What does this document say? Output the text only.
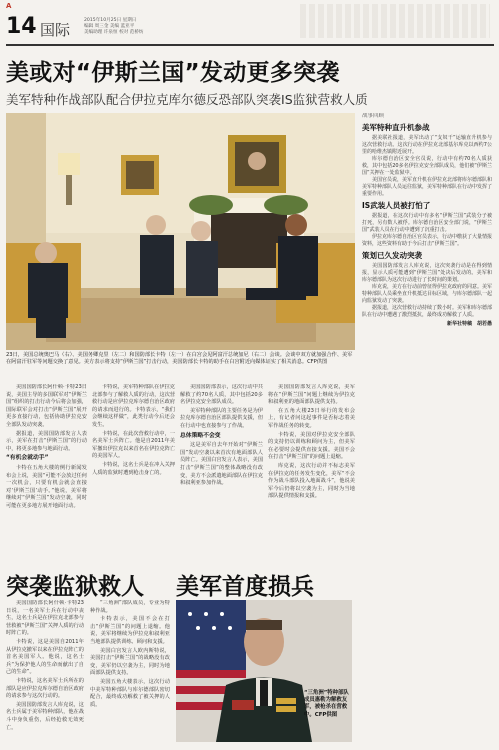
A
14 国际
2015年10月25日 星期日
编辑 周三金 美编 蓝亚平
美编助理 许泉恒 校对 范桥纺
美或对“伊斯兰国”发动更多突袭
美军特种作战部队配合伊拉克库尔德反恐部队突袭IS监狱营救人质
23日，美国总统奥巴马（右）、美国务卿克里（左二）和国防部长卡特（左一）在白宫会见阿富汗总统加尼（右二）会谈。会谈中双方就加强合作、美军在阿富汗驻军等问题交换了意见。美方表示将支持“伊斯兰国”打击行动，美国防部长卡特的助手在白宫附近向媒体证实了相关消息。CFP供图

美国国防部长阿什顿·卡特23日说，美国主导的多国联军对“伊斯兰国”组织的打击行动今后将会加强，国际联军会对打击“伊斯兰国”展开更多直接行动，包括协助伊拉克安全部队发动突袭。

据报道，美国国防部发言人表示，美军在打击“伊斯兰国”的行动中，将更多地参与地面行动。

“有机会就动手”

卡特在五角大楼的例行新闻发布会上说，美国“可能不会放过任何一次机会，只要有机会就会直接对‘伊斯兰国’动手。”他说，美军将继续对“伊斯兰国”发动空袭，同时可能在更多地方展开地面行动。

卡特说，美军特种部队在伊拉克北部参与了解救人质的行动，这次营救行动是应伊拉克库尔德自治区政府的请求而进行的。卡特表示，“我们会继续这样做”，此类行动今后还会发生。

卡特说，在此次营救行动中，一名美军士兵阵亡。他是自2011年美军撤出伊拉克以来首名在伊拉克阵亡的美国军人。

卡特说，这名士兵是在冲入关押人质的监狱时遭到枪击身亡的。

美国国防部表示，这次行动中共解救了约70名人质，其中包括20多名伊拉克安全部队成员。

美军特种部队的主要任务是为伊拉克库尔德自治区部队提供支援，但在行动中也直接参与了作战。

总体策略不会变

这是美军自去年开始对“伊斯兰国”发动空袭以来首次有地面部队人员阵亡。美国白宫发言人表示，美国打击“伊斯兰国”的整体战略没有改变，美方不会派遣地面部队在伊拉克和叙利亚参加作战。

美国国防部发言人库克说，美军将在“伊斯兰国”问题上继续为伊拉克和叙利亚的地面部队提供支持。

在五角大楼23日举行的发布会上，有记者问这起事件是否标志着美军作战任务的转变。

卡特说，美国对伊拉克安全部队的支持仍以训练和顾问为主，但美军在必要时会提供直接支援。美国不会在打击“伊斯兰国”的问题上退缩。

库克说，这次行动并不标志美军在伊拉克的任务发生变化，美军“不会作为战斗部队投入地面战斗”，他说美军今后仍将以空袭为主，同时为当地部队提供情报和支援。

战事回顾
美军特种直升机参战

据美联社报道，美军出动了“支奴干”运输直升机参与这次营救行动。这次行动在伊拉克北部基尔库克以西约7公里的哈维杰镇附近展开。

库尔德自治区安全官员说，行动中有约70名人质获救，其中包括20多名伊拉克安全部队成员，他们被“伊斯兰国”关押在一处监狱中。

美国官员说，美军直升机在伊拉克北部将库尔德部队和美军特种部队人员运往监狱，美军特种部队在行动中发挥了重要作用。

IS武装人员被打怕了

据报道，在这次行动中有多名“伊斯兰国”武装分子被打死，另有数人被俘。库尔德自治区安全部门说，“伊斯兰国”武装人员在行动中遭到了沉重打击。

伊拉克库尔德自治区官员表示，行动中缴获了大量情报资料，这些资料有助于今后打击“伊斯兰国”。

策划已久发动突袭

美国国防部发言人库克说，这次突袭行动是在得到情报，显示人质可能遭到“伊斯兰国”处决后发动的。美军和库尔德部队为这次行动进行了长时间的策划。

库克说，美方在行动前曾征得伊拉克政府的同意。美军特种部队人员乘坐直升机抵达目标区域，与库尔德部队一起向监狱发动了突袭。

据报道，这次营救行动持续了数小时。美军和库尔德部队在行动中遭遇了激烈抵抗，最终成功解救了人质。

新华社特稿　胡若愚
突袭监狱救人 美军首度损兵

美国国防部长阿什顿·卡特23日说，一名美军士兵在行动中丧生，这名士兵是在伊拉克北部参与营救被“伊斯兰国”关押人质的行动时阵亡的。

卡特说，这是美国自2011年从伊拉克撤军以来在伊拉克阵亡的首名美国军人。他说，这名士兵“为保护他人的生命而献出了自己的生命”。

卡特说，这名美军士兵所在的部队是应伊拉克库尔德自治区政府的请求参与这次行动的。

美国国防部发言人库克说，这名士兵属于美军特种部队，他在战斗中身负重伤，后经抢救无效死亡。

“三角洲”部队成员，专业为特种作战。

卡特表示，美国不会在打击“伊斯兰国”的问题上退缩。他说，美军将继续为伊拉克和叙利亚当地部队提供训练、顾问和支援。

美国白宫发言人欧内斯特说，美国打击“伊斯兰国”的战略没有改变，美军仍以空袭为主，同时为地面部队提供支持。

美国五角大楼表示，这次行动中美军特种部队与库尔德部队密切配合，最终成功解救了被关押的人质。

“三角洲”特种部队成员惠勒为解救友军，被枪杀在营救中。CFP供图
